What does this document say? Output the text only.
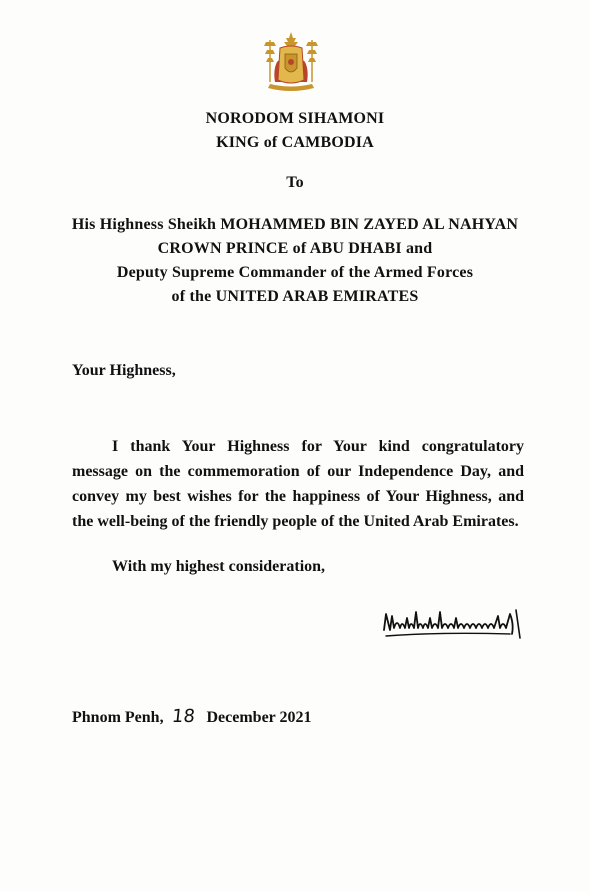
NORODOM SIHAMONI
KING of CAMBODIA
To
His Highness Sheikh MOHAMMED BIN ZAYED AL NAHYAN
CROWN PRINCE of ABU DHABI and
Deputy Supreme Commander of the Armed Forces
of the UNITED ARAB EMIRATES
Your Highness,
I thank Your Highness for Your kind congratulatory message on the commemoration of our Independence Day, and convey my best wishes for the happiness of Your Highness, and the well-being of the friendly people of the United Arab Emirates.
With my highest consideration,
Phnom Penh, 18 December 2021
